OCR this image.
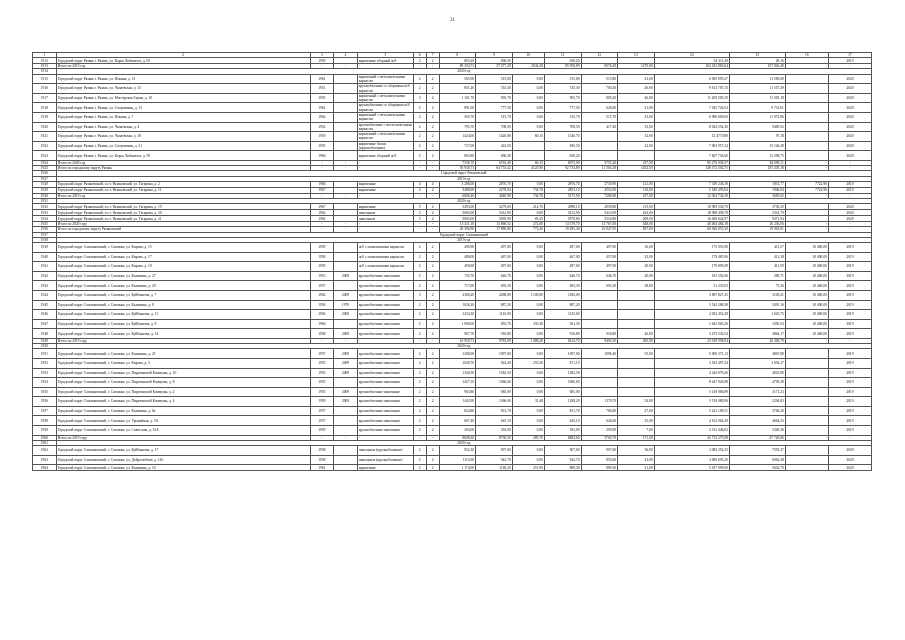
31
1	2	3	4	5	6	7	8	9	10	11	12	13	14	15	16	17
1912	Городской округ Рязань г. Рязань, ул. Карла Либкнехта, д. 65	1959		кирпичные сборный ж/б	2	2	803,20	696,50		658,20			54 311,38	48,16		2019
1913	Итого по 2019 год	-	-	-	-	-	89 394,73	37 077,29	2042,40	85 958,89	8076,29	1270,00	102 433 865,64	107 826,49	-	-
1914	2020 год															
1915	Городской округ Рязань г. Рязань, ул. Южная, д. 13	1961		кирпичный с металлическими каркасом	2	2	565,90	515,80	0,00	515,80	515,80	23,00	6 095 995,27	11 569,08		2020
1916	Городской округ Рязань г. Рязань, ул. Чапаевская, д. 15	1951		крупноблочные со сборными ж/б каркасом	2	2	851,20	745,30	0,00	745,30	700,20	26,00	9 613 707,15	11 557,49		2020
1917	Городской округ Рязань г. Рязань, ул. Мастерская Гараж, д. 10	1955		кирпичный с металлическими каркасом	3	4	1 101,70	905,70	0,00	905,70	805,20	46,00	11 205 505,30	11 381,18		2020
1918	Городской округ Рязань г. Рязань, ул. Спортивная, д. 13	1961		крупноблочные со сборными ж/б каркасом	2	2	891,00	777,50	0,00	777,50	645,00	31,00	7 025 726,54	9 731,61		2020
1919	Городской округ Рязань г. Рязань, ул. Южная, д. 7	1962		кирпичный с металлическими каркасом	2	2	565,70	515,70	0,00	515,70	515,70	23,00	6 096 600,00	11 972,86		2020
1920	Городской округ Рязань г. Рязань, ул. Чапаевская, д. 4	1952		крупноблочные с металлическими каркасом	2	2	795,70	708,50	0,00	708,50	417,20	35,00	8 024 554,36	9485,92		2020
1921	Городской округ Рязань г. Рязань, ул. Чапаевская, д. 18	1959		кирпичный с металлическими каркасом	2	2	1424,60	1426,80	60,15	1346,70		32,00	12 477,000	97,18		2020
1922	Городской округ Рязань г. Рязань, ул. Спортивная, д. 21	1955		кирпичные блоки (крупноблочные)	2	2	737,00	424,50		490,50		22,00	7 963 957,24	15 146,28		2020
1923	Городской округ Рязань г. Рязань, ул. Карла Либкнехта, д. 59	1960		кирпичные сборный ж/б	2	2	803,80	696,30		658,20			7 607 754,60	13 509,75		2020
1924	Итого по 2020 год	-	-	-	-	-	7536,70	6763,40	60,15	6975,90	3755,20	237,00	85 276 036,37	84 090,11	-	-
1925	Итого по городскому округу Рязань	-	-	-	-	-	93 930,73	64 753,42	4125,90	92 734,89	11 504,18	1452,50	148 372 502,75	187 203,18	-	-
1926	Городской округ Рязановский															
1927	2019 год															
1928	Городской округ Рязановский, п.г.т. Рязановский, ул. Гагарина, д. 2	1966		кирпичные	4	4	3 286,00	2876,70	0,00	2876,70	2730,90	121,00	7 359 246,38	1831,77	7722,96	2019
1929	Городской округ Рязановский, п.г.т. Рязановский, ул. Гагарина, д. 11	1967		кирпичные	4	4	3488,00	2278,94	734,76	2853,10	2552,00	116,00	5 549 495,84	1946,04	7722,96	2019
1930	Итого по 2019 год	-	-	-	-	-	6686,40	4040,90	734,76	5175,90	7286,90	237,00	12 302 742,30	3683,02	-	-
1931	2020 год															
1932	Городской округ Рязановский, п.г.т. Рязановский, ул. Гагарина, д. 15	1967		кирпичные	5	4	3493,00	3279,69	214,76	2998,10	2950,80	115,00	10 983 530,70	3730,35		2020
1933	Городской округ Рязановский, п.г.т. Рязановский, ул. Гагарина, д. 20	1962		панельные	5	4	5682,00	5412,90	0,00	5412,90	5412,90	224,00	18 098 458,78	3341,79		2020
1934	Городской округ Рязановский, п.г.т. Рязановский, ул. Гагарина, д. 21	1962		панельные	5	4	5802,00	5095,90	85,45	5978,80	5516,80	209,00	16 469 624,97	9471,94		2020
1935	Итого по 2020 году	-	-	-	-	-	15 411,10	13 860,52	272,00	14 379,70	13 767,00	548,00	40 464 484,18	16 236,06	-	-
1936	Итого по городскому округу Рязановский	-	-	-	-	-	20 396,90	17 880,80	773,40	19 285,40	16 947,95	837,00	60 946 855,30	19 918,01	-	-
1937	Городской округ Сапожковский															
1938	2019 год															
1939	Городской округ Сапожковский, г. Сапожки, ул. Кирова, д. 15	1959		ж/б с монолитными каркасом	2	2	490,90	497,00	0,00	497,00	497,00	16,00	175 053,90	411,57	10 400,00	2019
1940	Городской округ Сапожковский, г. Сапожки, ул. Кирова, д. 17	1958		ж/б с монолитными каркасом	2	2	488,00	467,00	0,00	467,00	457,00	23,00	179 485,96	411,38	10 400,00	2019
1941	Городской округ Сапожковский, г. Сапожки, ул. Кирова, д. 19	1959		ж/б с монолитными каркасом	2	2	490,00	497,00	0,00	497,00	497,00	20,00	179 895,09	411,59	10 400,00	2019
1942	Городской округ Сапожковский, г. Сапожки, ул. Калинина, д. 27	1953	2009	крупноблочные панельные	2	2	735,70	646,70	0,00	646,70	646,70	20,00	181 550,56	280,71	10 400,00	2019
1943	Городской округ Сапожковский, г. Сапожки, ул. Калинина, д. 29	1957		крупноблочные панельные	2	2	717,00	693,30	0,00	693,30	693,30	38,00	51 235,03	73,36	10 400,00	2019
1944	Городской округ Сапожковский, г. Сапожки, ул. Куйбышева, д. 7	1962	2009	крупноблочные панельные	3	2	2368,20	2288,80	1 100,00	1186,00			3 887 827,25	3149,41	10 400,00	2019
1945	Городской округ Сапожковский, г. Сапожки, ул. Калинина, д. 8	1956	1979	крупноблочные панельные	2	2	1026,20	887,20	0,00	887,20			3 542 288,38	3491,16	10 400,00	2019
1946	Городской округ Сапожковский, г. Сапожки, ул. Куйбышева, д. 11	1956	2009	крупноблочные панельные	2	2	1254,30	1145,00	0,00	1145,00			2 032 452,28	1 625,75	10 400,00	2019
1947	Городской округ Сапожковский, г. Сапожки, ул. Куйбышева, д. 9	1960		крупноблочные панельные	2	2	1 900,00	855,70	335,40	561,30			1 643 063,26	1050,54	10 400,00	2019
1948	Городской округ Сапожковский, г. Сапожки, ул. Куйбышева, д. 14	1958	2009	крупноблочные панельные	2	2	967,70	916,80	0,00	916,80	916,80	46,00	3 475 543,54	4864,17	10 400,00	2019
1949	Итого по 2019 году	-	-	-	-	-	10 950,73	9783,09	1 488,20	8214,70	9492,30	285,00	23 018 958,04	26 349,79	-	-
1950	2020 год															
1951	Городской округ Сапожковский, г. Сапожки, ул. Калинина, д. 21	1957	2009	крупноблочные панельные	2	2	1208,00	1097,00	0,00	1097,00	1096,40	55,00	5 000 371,13	4867,88		2019
1952	Городской округ Сапожковский, г. Сапожки, ул. Кирова, д. 3	1955	2009	крупноблочные панельные	2	2	1040,70	924,40	253,30	671,10			3 543 497,34	3 692,27		2019
1953	Городской округ Сапожковский, г. Сапожки, ул. Пирятинской Коммуны, д. 10	1955	2009	крупноблочные панельные	2	2	1340,50	1282,50	0,00	1282,50			4 444 879,26	4825,80		2019
1954	Городской округ Сапожковский, г. Сапожки, ул. Пирятинской Коммуны, д. 8	1955		крупноблочные панельные	2	2	1427,10	1066,60	0,00	1066,60			8 447 926,98	4795,38		2019
1955	Городской округ Сапожковский, г. Сапожки, ул. Пирятинской Коммуны, д. 2	1955	2009	крупноблочные панельные	2	2	963,80	685,00	0,00	685,00			5 149 006,89	3171,23		2019
1956	Городской округ Сапожковский, г. Сапожки, ул. Пирятинской Коммуны, д. 4	1959	2009	крупноблочные панельные	2	2	1442,90	1366,00	31,40	1298,20	1370,70	54,00	3 139 080,96	2294,83		2019
1957	Городской округ Сапожковский, г. Сапожки, ул. Калинина, д. 6а	1957		крупноблочные панельные	2	2	824,80	831,70	0,00	831,70	766,80	27,00	5 241 109,31	3740,20		2019
1958	Городской округ Сапожковский, г. Сапожки, ул. Урожайная, д. 3А	1957		крупноблочные панельные	2	2	667,40	645,10	0,00	645,10	644,60	25,00	4 102 064,29	4664,53		2019
1959	Городской округ Сапожковский, г. Сапожки, ул. Советская, д. 33А	1959		крупноблочные панельные	2	2	294,00	392,00	0,00	392,00	293,90	7,00	2 512 446,03	3340,36		2019
1960	Итого по 2019 году	-	-	-	-	-	8608,20	8730,50	285,70	8484,60	3760,70	171,00	42 713 275,08	67 720,66	-	-
1961	2020 год															
1962	Городской округ Сапожковский, г. Сапожки, ул. Куйбышева, д. 17	1958		панельные (крупноблочные)	2	2	852,30	907,00	0,00	907,00	907,00	36,00	3 085 252,25	7593,37		2020
1963	Городской округ Сапожковский, г. Сапожки, ул. Добролюбова, д. 14б	1958		панельные (крупноблочные)	2	2	1113,00	942,70	0,00	942,70	855,60	43,00	3 085 695,20	6062,38		2020
1964	Городской округ Сапожковский, г. Сапожки, ул. Калинина, д. 10	1961		кирпичные	2	2	1 174,00	1148,20	251,90	889,30	889,30	31,00	5 057 999,00	5632,79		2020
